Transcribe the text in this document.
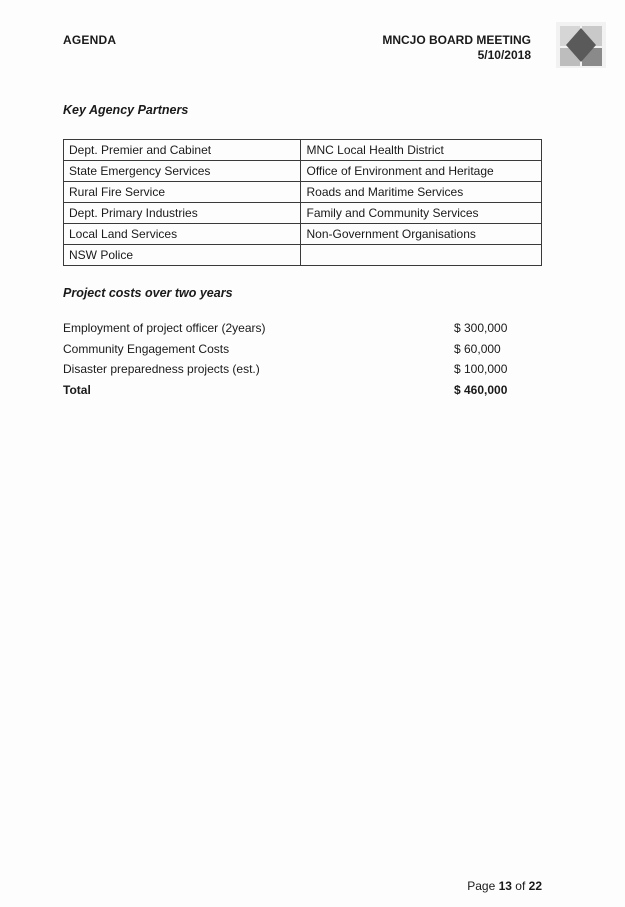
AGENDA	MNCJO BOARD MEETING
5/10/2018
Key Agency Partners
Dept. Premier and Cabinet	MNC Local Health District
State Emergency Services	Office of Environment and Heritage
Rural Fire Service	Roads and Maritime Services
Dept. Primary Industries	Family and Community Services
Local Land Services	Non-Government Organisations
NSW Police	
Project costs over two years
Employment of project officer (2years)	$ 300,000
Community Engagement Costs	$ 60,000
Disaster preparedness projects (est.)	$ 100,000
Total	$ 460,000
Page 13 of 22
